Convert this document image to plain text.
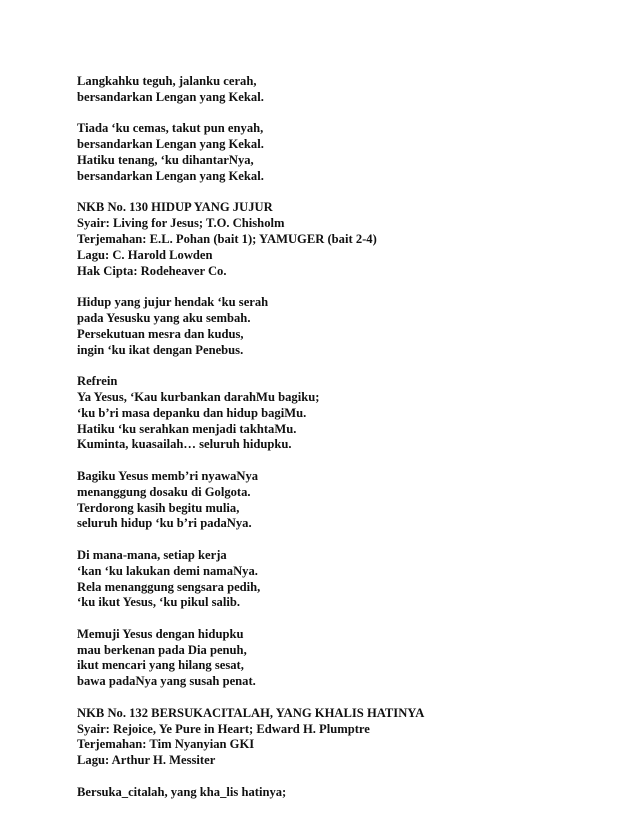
Langkahku teguh, jalanku cerah,
bersandarkan Lengan yang Kekal.
Tiada ‘ku cemas, takut pun enyah,
bersandarkan Lengan yang Kekal.
Hatiku tenang, ‘ku dihantarNya,
bersandarkan Lengan yang Kekal.
NKB No. 130 HIDUP YANG JUJUR
Syair: Living for Jesus; T.O. Chisholm
Terjemahan: E.L. Pohan (bait 1); YAMUGER (bait 2-4)
Lagu: C. Harold Lowden
Hak Cipta: Rodeheaver Co.
Hidup yang jujur hendak ‘ku serah
pada Yesusku yang aku sembah.
Persekutuan mesra dan kudus,
ingin ‘ku ikat dengan Penebus.
Refrein
Ya Yesus, ‘Kau kurbankan darahMu bagiku;
‘ku b’ri masa depanku dan hidup bagiMu.
Hatiku ‘ku serahkan menjadi takhtaMu.
Kuminta, kuasailah… seluruh hidupku.
Bagiku Yesus memb’ri nyawaNya
menanggung dosaku di Golgota.
Terdorong kasih begitu mulia,
seluruh hidup ‘ku b’ri padaNya.
Di mana-mana, setiap kerja
‘kan ‘ku lakukan demi namaNya.
Rela menanggung sengsara pedih,
‘ku ikut Yesus, ‘ku pikul salib.
Memuji Yesus dengan hidupku
mau berkenan pada Dia penuh,
ikut mencari yang hilang sesat,
bawa padaNya yang susah penat.
NKB No. 132 BERSUKACITALAH, YANG KHALIS HATINYA
Syair: Rejoice, Ye Pure in Heart; Edward H. Plumptre
Terjemahan: Tim Nyanyian GKI
Lagu: Arthur H. Messiter
Bersuka_citalah, yang kha_lis hatinya;
